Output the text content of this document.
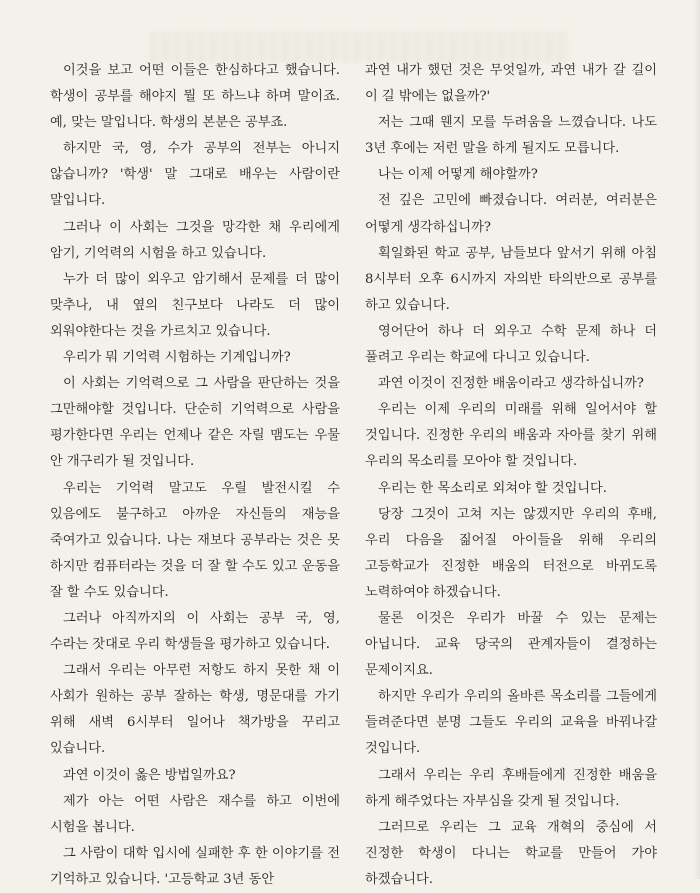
이것을 보고 어떤 이들은 한심하다고 했습니다. 학생이 공부를 해야지 뭘 또 하느냐 하며 말이죠. 예, 맞는 말입니다. 학생의 본분은 공부죠.

하지만 국, 영, 수가 공부의 전부는 아니지 않습니까? '학생' 말 그대로 배우는 사람이란 말입니다.

그러나 이 사회는 그것을 망각한 채 우리에게 암기, 기억력의 시험을 하고 있습니다.

누가 더 많이 외우고 암기해서 문제를 더 많이 맞추나, 내 옆의 친구보다 나라도 더 많이 외워야한다는 것을 가르치고 있습니다.

우리가 뭐 기억력 시험하는 기계입니까?

이 사회는 기억력으로 그 사람을 판단하는 것을 그만해야할 것입니다. 단순히 기억력으로 사람을 평가한다면 우리는 언제나 같은 자릴 맴도는 우물 안 개구리가 될 것입니다.

우리는 기억력 말고도 우릴 발전시킬 수 있음에도 불구하고 아까운 자신들의 재능을 죽여가고 있습니다. 나는 재보다 공부라는 것은 못 하지만 컴퓨터라는 것을 더 잘 할 수도 있고 운동을 잘 할 수도 있습니다.

그러나 아직까지의 이 사회는 공부 국, 영, 수라는 잣대로 우리 학생들을 평가하고 있습니다.

그래서 우리는 아무런 저항도 하지 못한 채 이 사회가 원하는 공부 잘하는 학생, 명문대를 가기 위해 새벽 6시부터 일어나 책가방을 꾸리고 있습니다.

과연 이것이 옳은 방법일까요?

제가 아는 어떤 사람은 재수를 하고 이번에 시험을 봅니다.

그 사람이 대학 입시에 실패한 후 한 이야기를 전 기억하고 있습니다. '고등학교 3년 동안

과연 내가 했던 것은 무엇일까, 과연 내가 갈 길이 이 길 밖에는 없을까?'

저는 그때 웬지 모를 두려움을 느꼈습니다. 나도 3년 후에는 저런 말을 하게 될지도 모릅니다.

나는 이제 어떻게 해야할까?

전 깊은 고민에 빠졌습니다. 여러분, 여러분은 어떻게 생각하십니까?

획일화된 학교 공부, 남들보다 앞서기 위해 아침 8시부터 오후 6시까지 자의반 타의반으로 공부를 하고 있습니다.

영어단어 하나 더 외우고 수학 문제 하나 더 풀려고 우리는 학교에 다니고 있습니다.

과연 이것이 진정한 배움이라고 생각하십니까?

우리는 이제 우리의 미래를 위해 일어서야 할 것입니다. 진정한 우리의 배움과 자아를 찾기 위해 우리의 목소리를 모아야 할 것입니다.

우리는 한 목소리로 외쳐야 할 것입니다.

당장 그것이 고쳐 지는 않겠지만 우리의 후배, 우리 다음을 짊어질 아이들을 위해 우리의 고등학교가 진정한 배움의 터전으로 바뀌도록 노력하여야 하겠습니다.

물론 이것은 우리가 바꿀 수 있는 문제는 아닙니다. 교육 당국의 관계자들이 결정하는 문제이지요.

하지만 우리가 우리의 올바른 목소리를 그들에게 들려준다면 분명 그들도 우리의 교육을 바꿔나갈 것입니다.

그래서 우리는 우리 후배들에게 진정한 배움을 하게 해주었다는 자부심을 갖게 될 것입니다.

그러므로 우리는 그 교육 개혁의 중심에 서 진정한 학생이 다니는 학교를 만들어 가야 하겠습니다.
